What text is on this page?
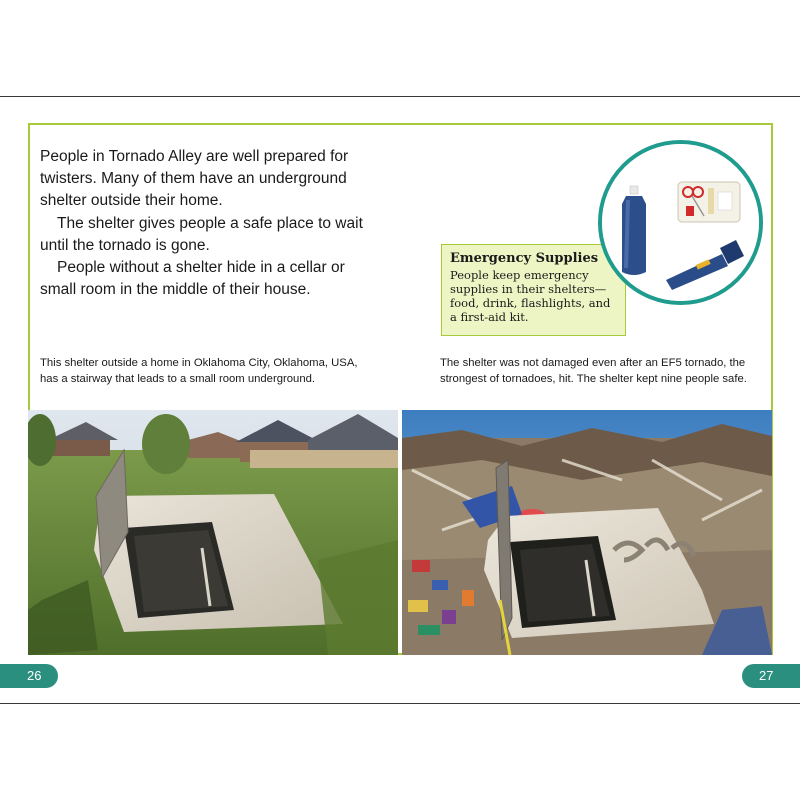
People in Tornado Alley are well prepared for twisters. Many of them have an underground shelter outside their home.

The shelter gives people a safe place to wait until the tornado is gone.

People without a shelter hide in a cellar or small room in the middle of their house.

Emergency Supplies
People keep emergency supplies in their shelters—food, drink, flashlights, and a first-aid kit.
This shelter outside a home in Oklahoma City, Oklahoma, USA, has a stairway that leads to a small room underground.
The shelter was not damaged even after an EF5 tornado, the strongest of tornadoes, hit. The shelter kept nine people safe.
26	27
